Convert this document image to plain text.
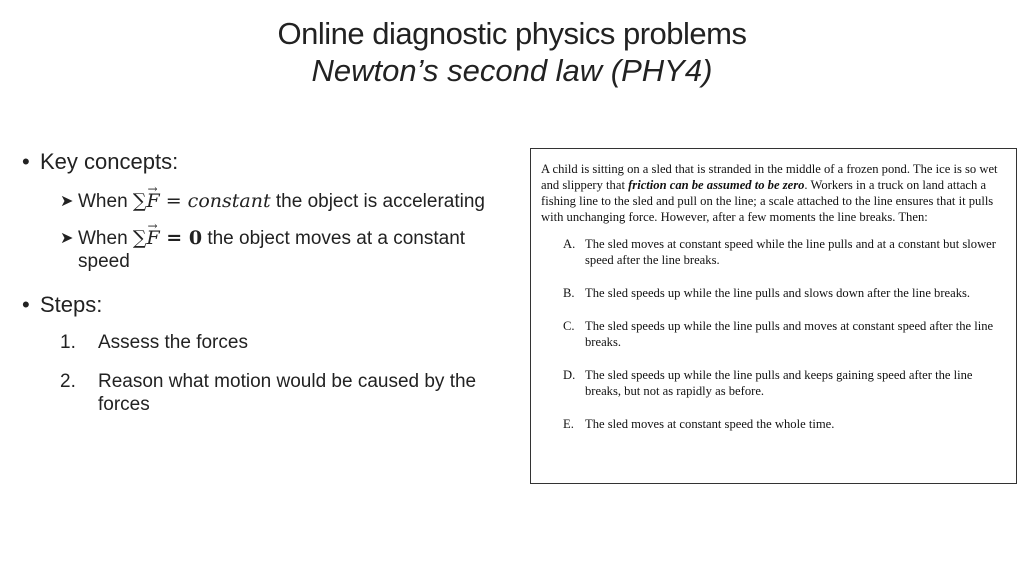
Online diagnostic physics problems
Newton’s second law (PHY4)
• Key concepts:
➤ When ∑→ F = constant the object is accelerating
➤ When ∑→ F = 0 the object moves at a constant speed
• Steps:
1. Assess the forces
2. Reason what motion would be caused by the forces
A child is sitting on a sled that is stranded in the middle of a frozen pond. The ice is so wet and slippery that friction can be assumed to be zero. Workers in a truck on land attach a fishing line to the sled and pull on the line; a scale attached to the line ensures that it pulls with unchanging force. However, after a few moments the line breaks. Then:
A. The sled moves at constant speed while the line pulls and at a constant but slower speed after the line breaks.
B. The sled speeds up while the line pulls and slows down after the line breaks.
C. The sled speeds up while the line pulls and moves at constant speed after the line breaks.
D. The sled speeds up while the line pulls and keeps gaining speed after the line breaks, but not as rapidly as before.
E. The sled moves at constant speed the whole time.
